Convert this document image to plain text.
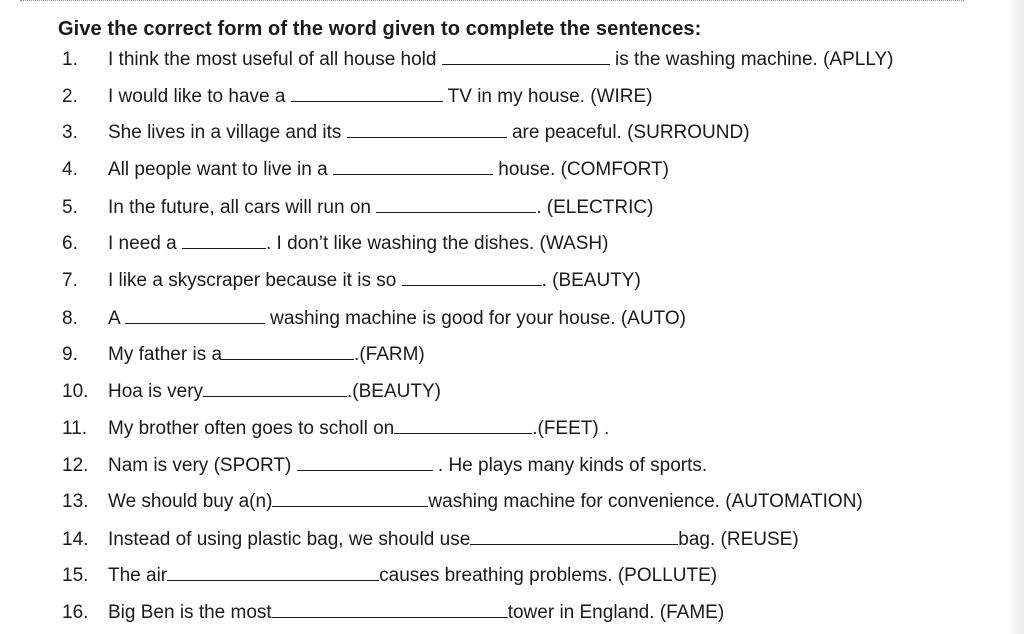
Give the correct form of the word given to complete the sentences:
1.	I think the most useful of all house hold	is the washing machine. (APLLY)
2.	I would like to have a	TV in my house. (WIRE)
3.	She lives in a village and its	are peaceful. (SURROUND)
4.	All people want to live in a	house. (COMFORT)
5.	In the future, all cars will run on	. (ELECTRIC)
6.	I need a	. I don’t like washing the dishes. (WASH)
7.	I like a skyscraper because it is so	. (BEAUTY)
8.	A	washing machine is good for your house. (AUTO)
9.	My father is a	.(FARM)
10.	Hoa is very	.(BEAUTY)
11.	My brother often goes to scholl on	.(FEET) .
12.	Nam is very (SPORT)	. He plays many kinds of sports.
13.	We should buy a(n)	washing machine for convenience. (AUTOMATION)
14.	Instead of using plastic bag, we should use	bag. (REUSE)
15.	The air	causes breathing problems. (POLLUTE)
16.	Big Ben is the most	tower in England. (FAME)
